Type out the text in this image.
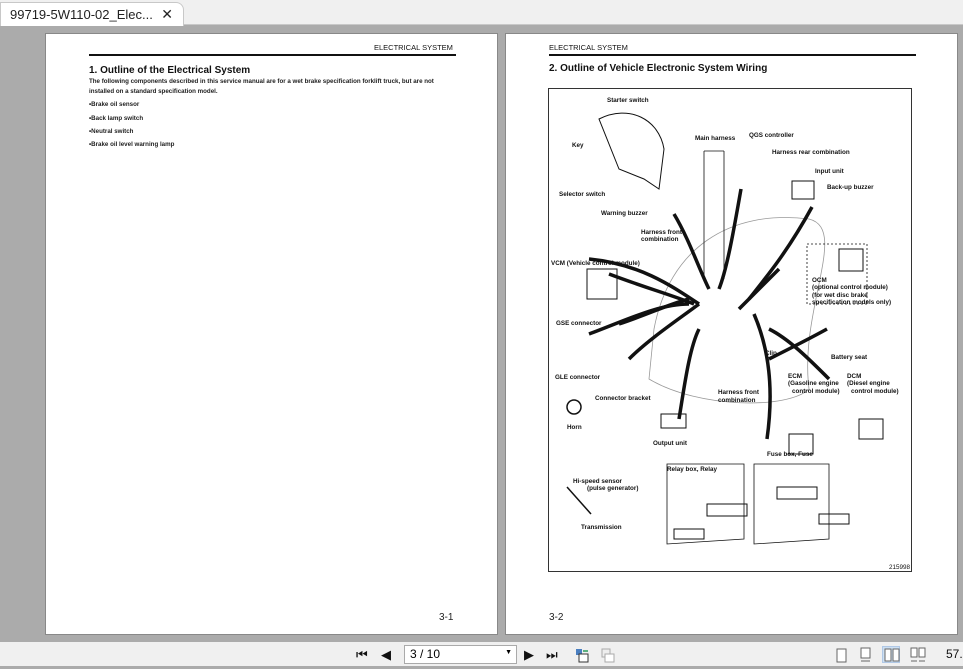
99719-5W110-02_Elec... ✕
ELECTRICAL SYSTEM
1. Outline of the Electrical System
The following components described in this service manual are for a wet brake specification forklift truck, but are not
installed on a standard specification model.
•Brake oil sensor
•Back lamp switch
•Neutral switch
•Brake oil level warning lamp
3-1
ELECTRICAL SYSTEM
2. Outline of Vehicle Electronic System Wiring
3-2
Starter switch
Key
Main harness QGS controller
Harness rear combination
Input unit
Back-up buzzer
Selector switch
Warning buzzer
Harness front
combination
VCM (Vehicle control module)
OCM
(optional control module)
(for wet disc brake
specification models only)
GSE connector
Clip
Battery seat
ECM
(Gasoline engine
control module)
DCM
(Diesel engine
control module)
GLE connector
Harness front
combination
Connector bracket
Horn
Output unit
Fuse box, Fuse
Relay box, Relay
Hi-speed sensor
(pulse generator)
Transmission
215998
⏮ ◀	3 / 10	▼ ▶ ⏭	57.
